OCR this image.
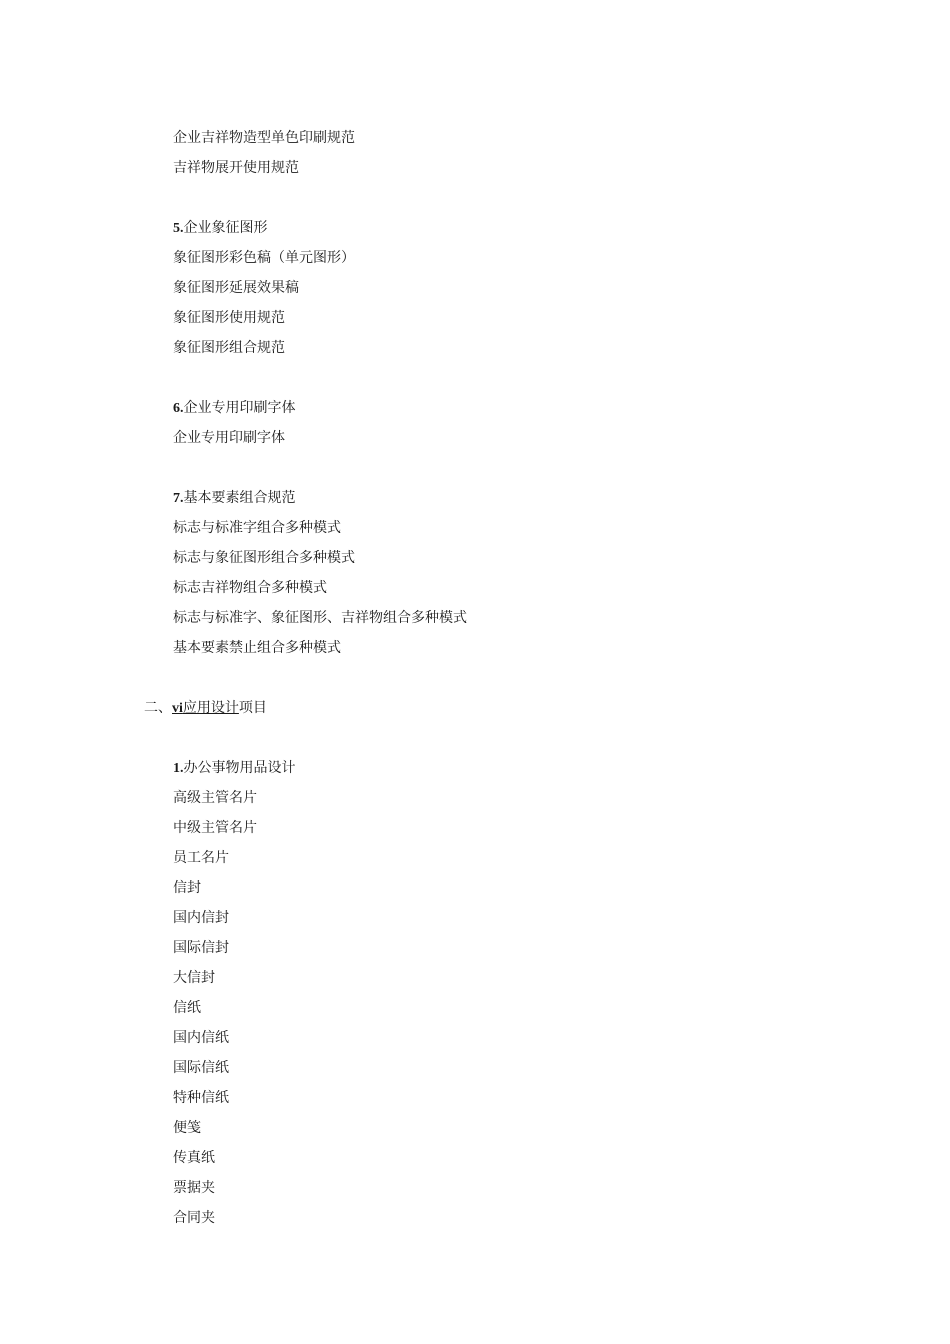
企业吉祥物造型单色印刷规范
吉祥物展开使用规范
5.企业象征图形
象征图形彩色稿（单元图形）
象征图形延展效果稿
象征图形使用规范
象征图形组合规范
6.企业专用印刷字体
企业专用印刷字体
7.基本要素组合规范
标志与标准字组合多种模式
标志与象征图形组合多种模式
标志吉祥物组合多种模式
标志与标准字、象征图形、吉祥物组合多种模式
基本要素禁止组合多种模式
二、vi应用设计项目
1.办公事物用品设计
高级主管名片
中级主管名片
员工名片
信封
国内信封
国际信封
大信封
信纸
国内信纸
国际信纸
特种信纸
便笺
传真纸
票据夹
合同夹
